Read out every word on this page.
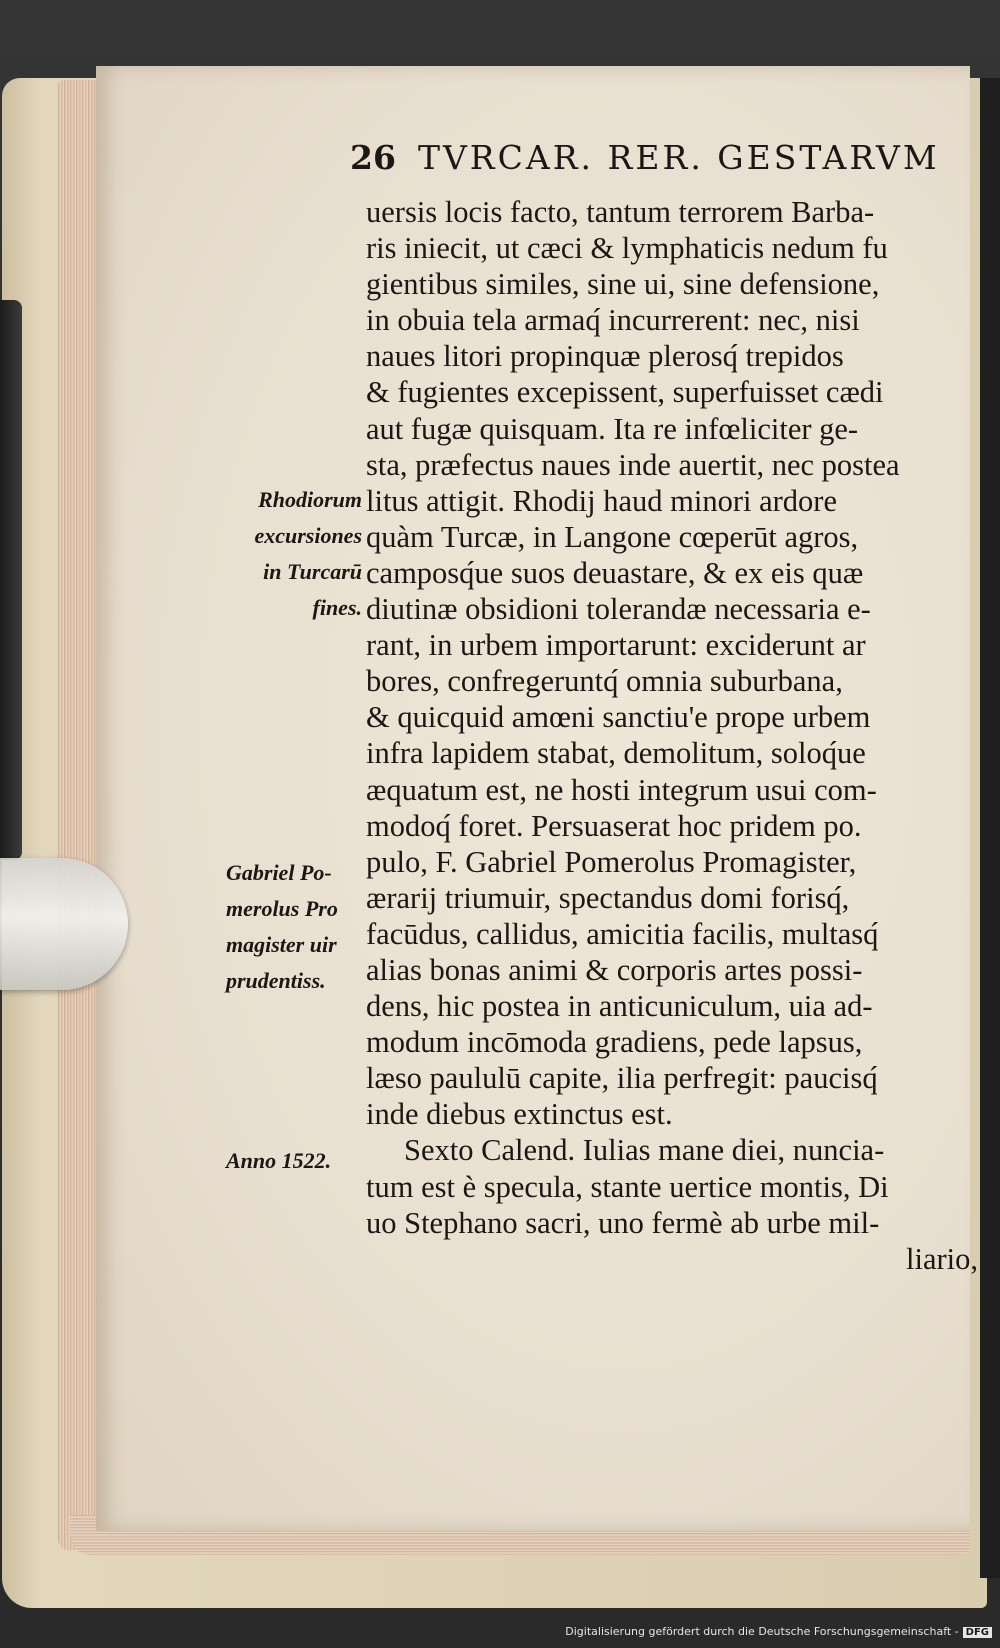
26 TVRCAR. RER. GESTARVM
uersis locis facto, tantum terrorem Barba-
ris iniecit, ut cæci & lymphaticis nedum fu
gientibus similes, sine ui, sine defensione,
in obuia tela armaq́ incurrerent: nec, nisi
naues litori propinquæ plerosq́ trepidos
& fugientes excepissent, superfuisset cædi
aut fugæ quisquam. Ita re infœliciter ge-
sta, præfectus naues inde auertit, nec postea
litus attigit. Rhodij haud minori ardore
quàm Turcæ, in Langone cœperūt agros,
camposq́ue suos deuastare, & ex eis quæ
diutinæ obsidioni tolerandæ necessaria e-
rant, in urbem importarunt: exciderunt ar
bores, confregeruntq́ omnia suburbana,
& quicquid amœni sanctiu'e prope urbem
infra lapidem stabat, demolitum, soloq́ue
æquatum est, ne hosti integrum usui com-
modoq́ foret. Persuaserat hoc pridem po.
pulo, F. Gabriel Pomerolus Promagister,
ærarij triumuir, spectandus domi forisq́,
facūdus, callidus, amicitia facilis, multasq́
alias bonas animi & corporis artes possi-
dens, hic postea in anticuniculum, uia ad-
modum incōmoda gradiens, pede lapsus,
læso paululū capite, ilia perfregit: paucisq́
inde diebus extinctus est.
Sexto Calend. Iulias mane diei, nuncia-
tum est è specula, stante uertice montis, Di
uo Stephano sacri, uno fermè ab urbe mil-
liario,
Rhodiorum
excursiones
in Turcarū
fines.
Gabriel Po-
merolus Pro
magister uir
prudentiss.
Anno 1522.
Digitalisierung gefördert durch die Deutsche Forschungsgemeinschaft - DFG
